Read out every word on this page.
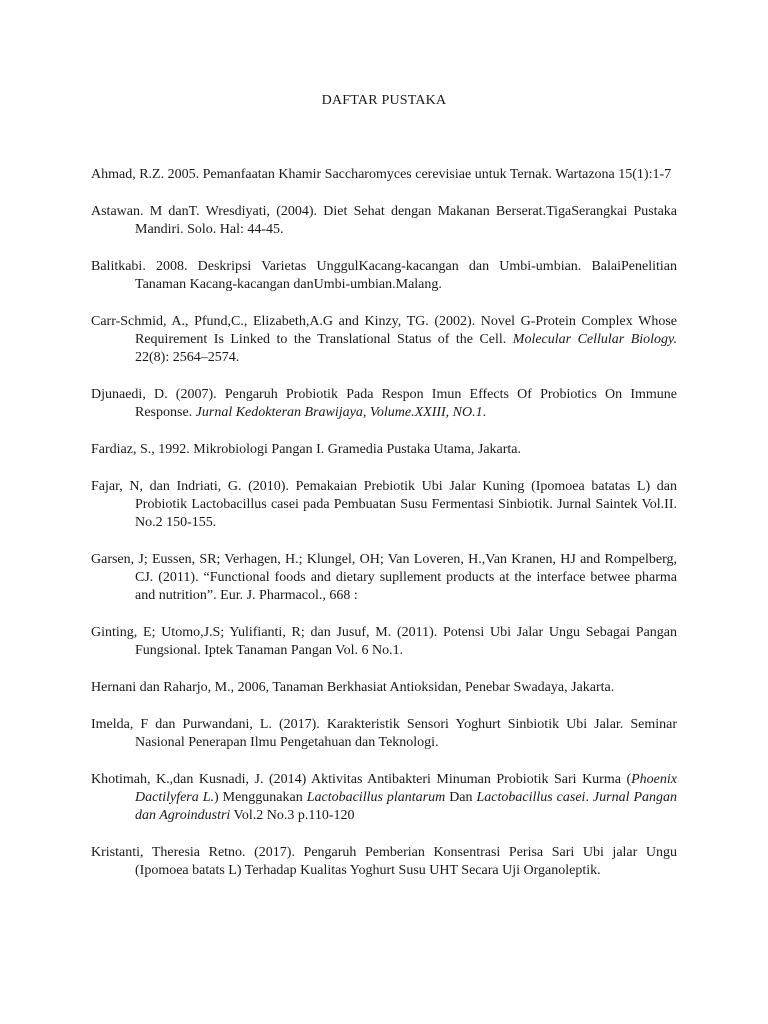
DAFTAR PUSTAKA

Ahmad, R.Z. 2005. Pemanfaatan Khamir Saccharomyces cerevisiae untuk Ternak. Wartazona 15(1):1-7

Astawan. M danT. Wresdiyati, (2004). Diet Sehat dengan Makanan Berserat.TigaSerangkai Pustaka Mandiri. Solo. Hal: 44-45.

Balitkabi. 2008. Deskripsi Varietas UnggulKacang-kacangan dan Umbi-umbian. BalaiPenelitian Tanaman Kacang-kacangan danUmbi-umbian.Malang.

Carr-Schmid, A., Pfund,C., Elizabeth,A.G and Kinzy, TG. (2002). Novel G-Protein Complex Whose Requirement Is Linked to the Translational Status of the Cell. Molecular Cellular Biology. 22(8): 2564–2574.

Djunaedi, D. (2007). Pengaruh Probiotik Pada Respon Imun Effects Of Probiotics On Immune Response. Jurnal Kedokteran Brawijaya, Volume.XXIII, NO.1.

Fardiaz, S., 1992. Mikrobiologi Pangan I. Gramedia Pustaka Utama, Jakarta.

Fajar, N, dan Indriati, G. (2010). Pemakaian Prebiotik Ubi Jalar Kuning (Ipomoea batatas L) dan Probiotik Lactobacillus casei pada Pembuatan Susu Fermentasi Sinbiotik. Jurnal Saintek Vol.II. No.2 150-155.

Garsen, J; Eussen, SR; Verhagen, H.; Klungel, OH; Van Loveren, H.,Van Kranen, HJ and Rompelberg, CJ. (2011). “Functional foods and dietary supllement products at the interface betwee pharma and nutrition”. Eur. J. Pharmacol., 668 :

Ginting, E; Utomo,J.S; Yulifianti, R; dan Jusuf, M. (2011). Potensi Ubi Jalar Ungu Sebagai Pangan Fungsional. Iptek Tanaman Pangan Vol. 6 No.1.

Hernani dan Raharjo, M., 2006, Tanaman Berkhasiat Antioksidan, Penebar Swadaya, Jakarta.

Imelda, F dan Purwandani, L. (2017). Karakteristik Sensori Yoghurt Sinbiotik Ubi Jalar. Seminar Nasional Penerapan Ilmu Pengetahuan dan Teknologi.

Khotimah, K.,dan Kusnadi, J. (2014) Aktivitas Antibakteri Minuman Probiotik Sari Kurma (Phoenix Dactilyfera L.) Menggunakan Lactobacillus plantarum Dan Lactobacillus casei. Jurnal Pangan dan Agroindustri Vol.2 No.3 p.110-120

Kristanti, Theresia Retno. (2017). Pengaruh Pemberian Konsentrasi Perisa Sari Ubi jalar Ungu (Ipomoea batats L) Terhadap Kualitas Yoghurt Susu UHT Secara Uji Organoleptik.
